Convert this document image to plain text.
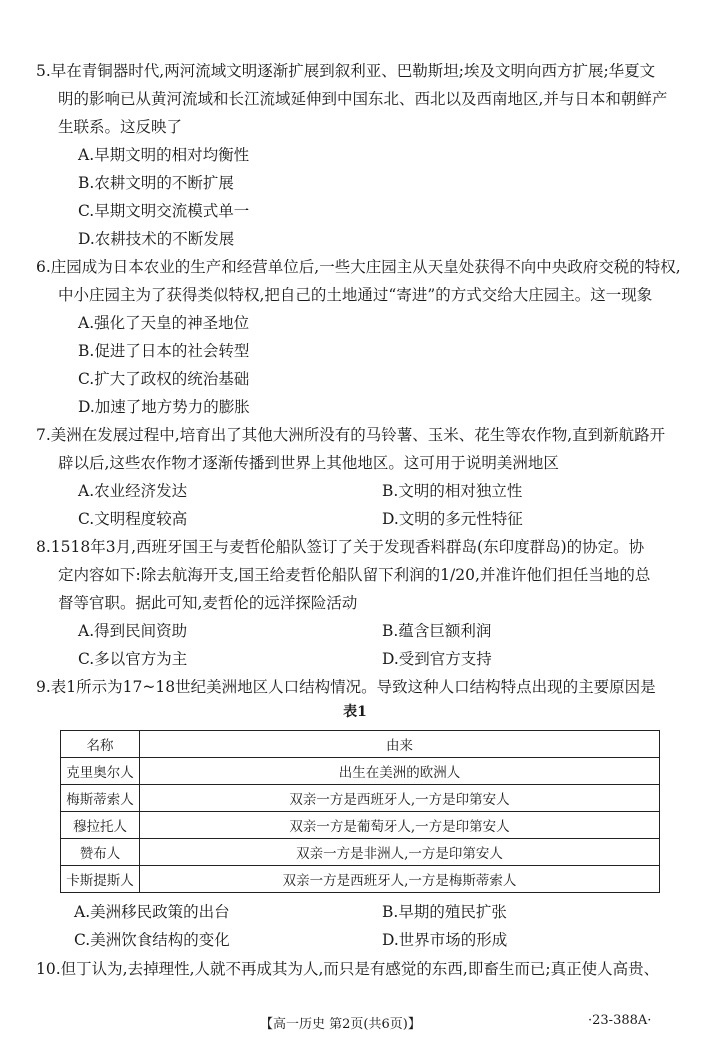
5.早在青铜器时代,两河流域文明逐渐扩展到叙利亚、巴勒斯坦;埃及文明向西方扩展;华夏文
明的影响已从黄河流域和长江流域延伸到中国东北、西北以及西南地区,并与日本和朝鲜产
生联系。这反映了
A.早期文明的相对均衡性
B.农耕文明的不断扩展
C.早期文明交流模式单一
D.农耕技术的不断发展
6.庄园成为日本农业的生产和经营单位后,一些大庄园主从天皇处获得不向中央政府交税的特权,
中小庄园主为了获得类似特权,把自己的土地通过“寄进”的方式交给大庄园主。这一现象
A.强化了天皇的神圣地位
B.促进了日本的社会转型
C.扩大了政权的统治基础
D.加速了地方势力的膨胀
7.美洲在发展过程中,培育出了其他大洲所没有的马铃薯、玉米、花生等农作物,直到新航路开
辟以后,这些农作物才逐渐传播到世界上其他地区。这可用于说明美洲地区
A.农业经济发达	B.文明的相对独立性
C.文明程度较高	D.文明的多元性特征
8.1518年3月,西班牙国王与麦哲伦船队签订了关于发现香料群岛(东印度群岛)的协定。协
定内容如下:除去航海开支,国王给麦哲伦船队留下利润的1/20,并准许他们担任当地的总
督等官职。据此可知,麦哲伦的远洋探险活动
A.得到民间资助	B.蕴含巨额利润
C.多以官方为主	D.受到官方支持
9.表1所示为17~18世纪美洲地区人口结构情况。导致这种人口结构特点出现的主要原因是
表1
名称	由来
克里奥尔人	出生在美洲的欧洲人
梅斯蒂索人	双亲一方是西班牙人,一方是印第安人
穆拉托人	双亲一方是葡萄牙人,一方是印第安人
赞布人	双亲一方是非洲人,一方是印第安人
卡斯提斯人	双亲一方是西班牙人,一方是梅斯蒂索人
A.美洲移民政策的出台	B.早期的殖民扩张
C.美洲饮食结构的变化	D.世界市场的形成
10.但丁认为,去掉理性,人就不再成其为人,而只是有感觉的东西,即畜生而已;真正使人高贵、
【高一历史 第2页(共6页)】	·23-388A·
